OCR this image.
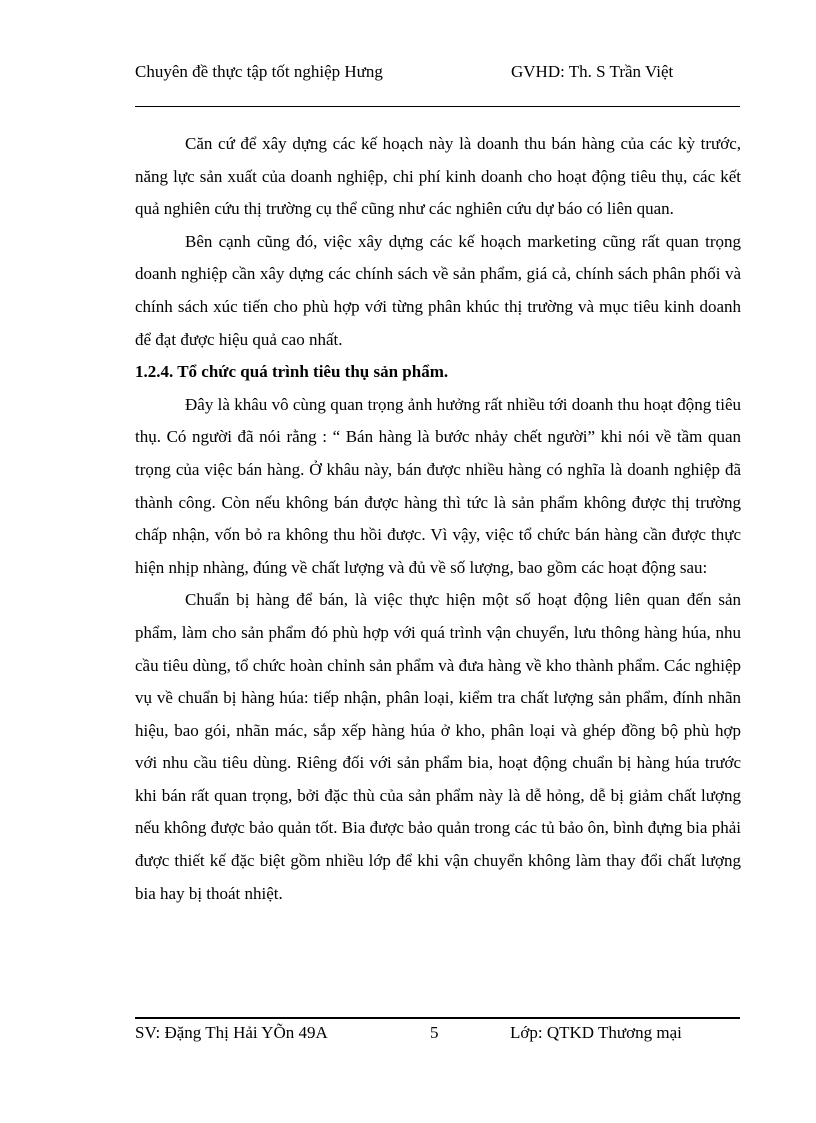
Chuyên đề thực tập tốt nghiệp Hưng	GVHD: Th. S Trần Việt

Căn cứ để xây dựng các kế hoạch này là doanh thu bán hàng của các kỳ trước, năng lực sản xuất của doanh nghiệp, chi phí kinh doanh cho hoạt động tiêu thụ, các kết quả nghiên cứu thị trường cụ thể cũng như các nghiên cứu dự báo có liên quan.

Bên cạnh cũng đó, việc xây dựng các kế hoạch marketing cũng rất quan trọng doanh nghiệp cần xây dựng các chính sách về sản phẩm, giá cả, chính sách phân phối và chính sách xúc tiến cho phù hợp với từng phân khúc thị trường và mục tiêu kinh doanh để đạt được hiệu quả cao nhất.

1.2.4. Tổ chức quá trình tiêu thụ sản phẩm.

Đây là khâu vô cùng quan trọng ảnh hưởng rất nhiều tới doanh thu hoạt động tiêu thụ. Có người đã nói rằng : “ Bán hàng là bước nhảy chết người” khi nói về tầm quan trọng của việc bán hàng. Ở khâu này, bán được nhiều hàng có nghĩa là doanh nghiệp đã thành công. Còn nếu không bán được hàng thì tức là sản phẩm không được thị trường chấp nhận, vốn bỏ ra không thu hồi được. Vì vậy, việc tổ chức bán hàng cần được thực hiện nhịp nhàng, đúng về chất lượng và đủ về số lượng, bao gồm các hoạt động sau:

Chuẩn bị hàng để bán, là việc thực hiện một số hoạt động liên quan đến sản phẩm, làm cho sản phẩm đó phù hợp với quá trình vận chuyển, lưu thông hàng húa, nhu cầu tiêu dùng, tổ chức hoàn chỉnh sản phẩm và đưa hàng về kho thành phẩm. Các nghiệp vụ về chuẩn bị hàng húa: tiếp nhận, phân loại, kiểm tra chất lượng sản phẩm, đính nhãn hiệu, bao gói, nhãn mác, sắp xếp hàng húa ở kho, phân loại và ghép đồng bộ phù hợp với nhu cầu tiêu dùng. Riêng đối với sản phẩm bia, hoạt động chuẩn bị hàng húa trước khi bán rất quan trọng, bởi đặc thù của sản phẩm này là dễ hỏng, dễ bị giảm chất lượng nếu không được bảo quản tốt. Bia được bảo quản trong các tủ bảo ôn, bình đựng bia phải được thiết kế đặc biệt gồm nhiều lớp để khi vận chuyển không làm thay đổi chất lượng bia hay bị thoát nhiệt.

SV: Đặng Thị Hải YÕn 49A	5	Lớp: QTKD Thương mại
